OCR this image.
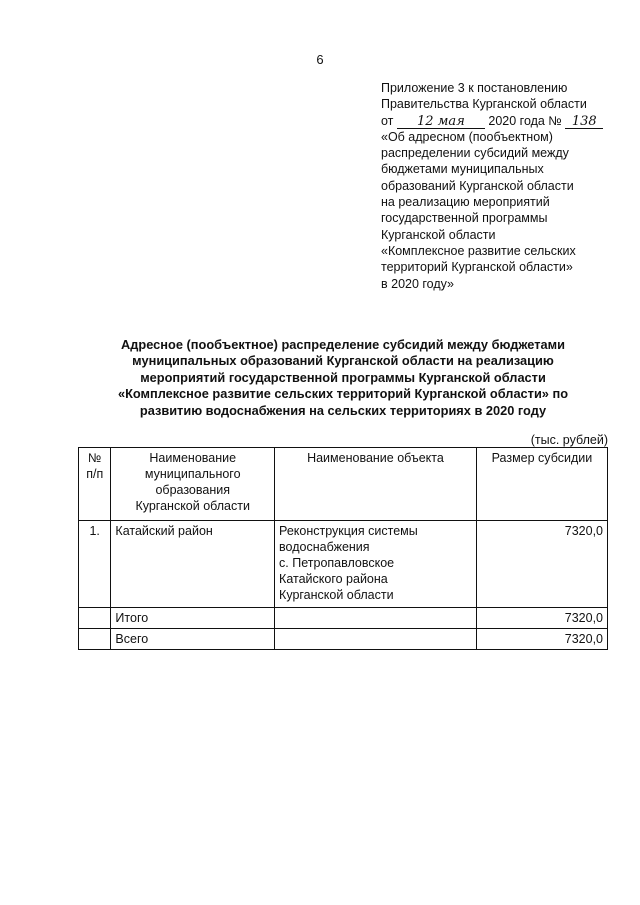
6
Приложение 3 к постановлению
Правительства Курганской области
от 12 мая 2020 года № 138
«Об адресном (пообъектном)
распределении субсидий между
бюджетами муниципальных
образований Курганской области
на реализацию мероприятий
государственной программы
Курганской области
«Комплексное развитие сельских
территорий Курганской области»
в 2020 году»
Адресное (пообъектное) распределение субсидий между бюджетами
муниципальных образований Курганской области на реализацию
мероприятий государственной программы Курганской области
«Комплексное развитие сельских территорий Курганской области» по
развитию водоснабжения на сельских территориях в 2020 году
(тыс. рублей)
№
п/п	Наименование
муниципального
образования
Курганской области	Наименование объекта	Размер субсидии
1.	Катайский район	Реконструкция системы
водоснабжения
с. Петропавловское
Катайского района
Курганской области	7320,0
	Итого		7320,0
	Всего		7320,0
